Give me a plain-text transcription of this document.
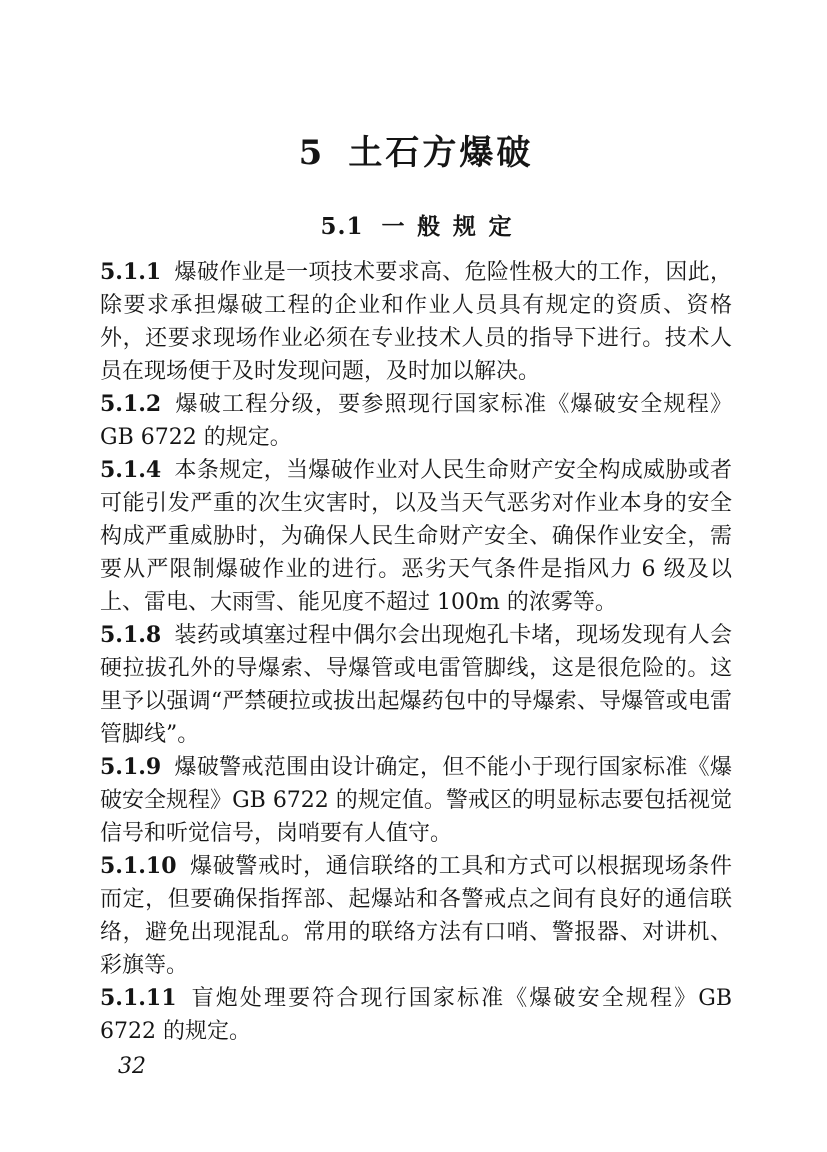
5 土石方爆破
5.1 一般规定

5.1.1 爆破作业是一项技术要求高、危险性极大的工作，因此，除要求承担爆破工程的企业和作业人员具有规定的资质、资格外，还要求现场作业必须在专业技术人员的指导下进行。技术人员在现场便于及时发现问题，及时加以解决。

5.1.2 爆破工程分级，要参照现行国家标准《爆破安全规程》GB 6722 的规定。

5.1.4 本条规定，当爆破作业对人民生命财产安全构成威胁或者可能引发严重的次生灾害时，以及当天气恶劣对作业本身的安全构成严重威胁时，为确保人民生命财产安全、确保作业安全，需要从严限制爆破作业的进行。恶劣天气条件是指风力 6 级及以上、雷电、大雨雪、能见度不超过 100m 的浓雾等。

5.1.8 装药或填塞过程中偶尔会出现炮孔卡堵，现场发现有人会硬拉拔孔外的导爆索、导爆管或电雷管脚线，这是很危险的。这里予以强调“严禁硬拉或拔出起爆药包中的导爆索、导爆管或电雷管脚线”。

5.1.9 爆破警戒范围由设计确定，但不能小于现行国家标准《爆破安全规程》GB 6722 的规定值。警戒区的明显标志要包括视觉信号和听觉信号，岗哨要有人值守。

5.1.10 爆破警戒时，通信联络的工具和方式可以根据现场条件而定，但要确保指挥部、起爆站和各警戒点之间有良好的通信联络，避免出现混乱。常用的联络方法有口哨、警报器、对讲机、彩旗等。

5.1.11 盲炮处理要符合现行国家标准《爆破安全规程》GB 6722 的规定。

32
